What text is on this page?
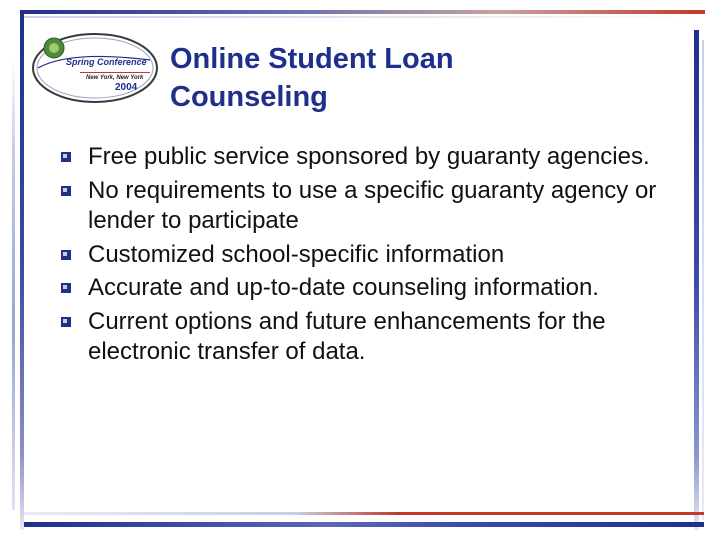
Spring Conference
New York, New York
2004
Online Student Loan
Counseling
Free public service sponsored by guaranty agencies.
No requirements to use a specific guaranty agency or lender to participate
Customized school-specific information
Accurate and up-to-date counseling information.
Current options and future enhancements for the electronic transfer of data.
